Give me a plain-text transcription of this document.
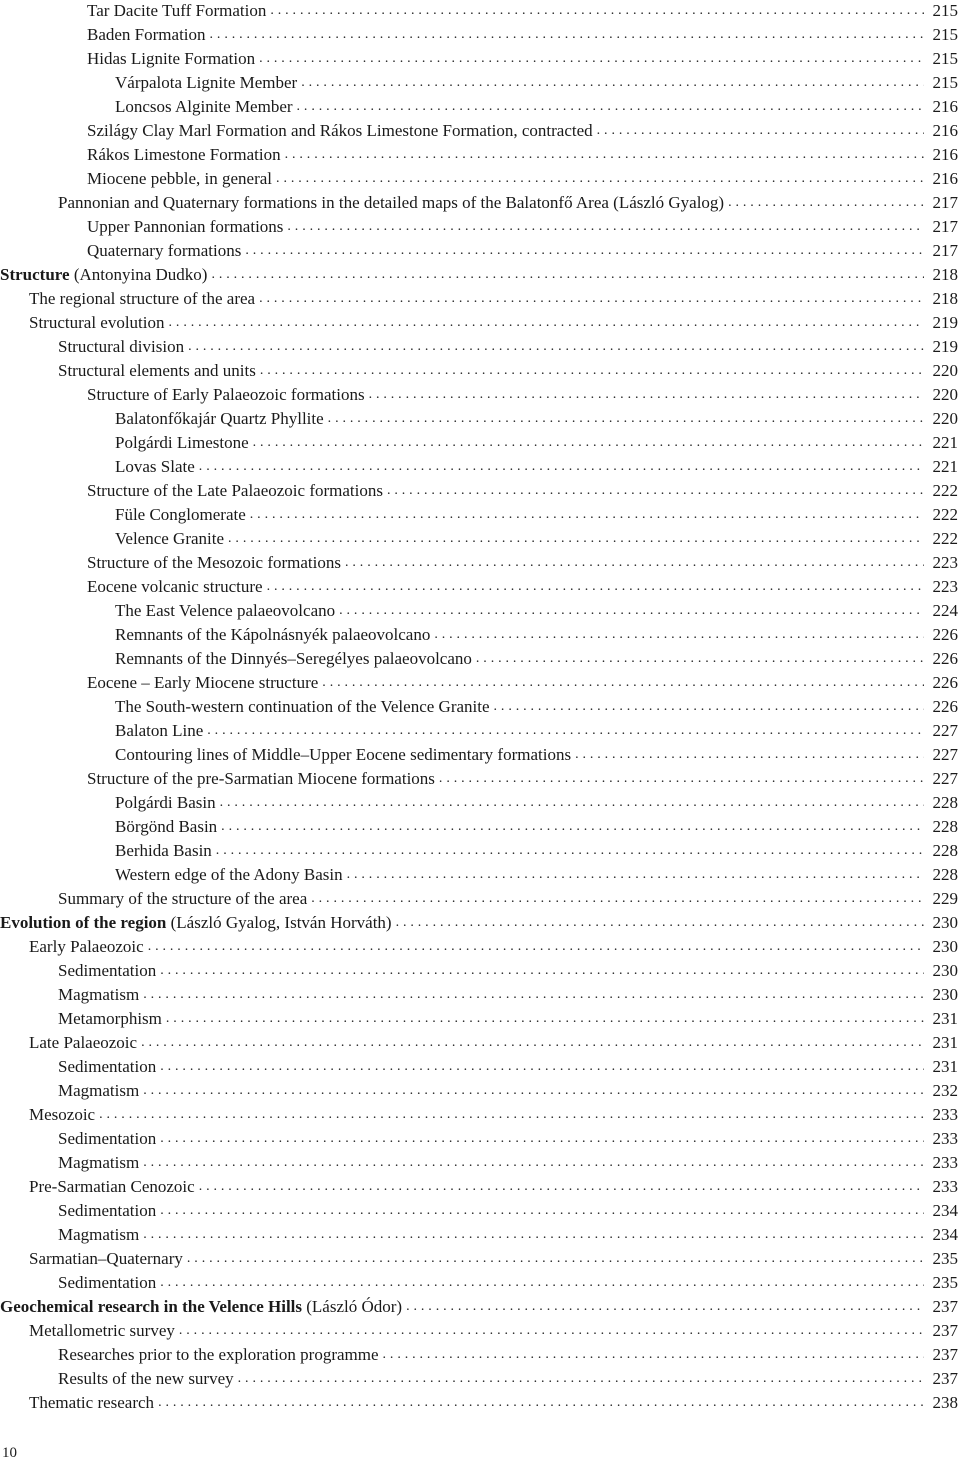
Tar Dacite Tuff Formation . . .	215
Baden Formation . . .	215
Hidas Lignite Formation . . .	215
Várpalota Lignite Member . . .	215
Loncsos Alginite Member . . .	216
Szilágy Clay Marl Formation and Rákos Limestone Formation, contracted . . .	216
Rákos Limestone Formation . . .	216
Miocene pebble, in general . . .	216
Pannonian and Quaternary formations in the detailed maps of the Balatonfő Area (László Gyalog) . . .	217
Upper Pannonian formations . . .	217
Quaternary formations . . .	217
Structure (Antonyina Dudko) . . .	218
The regional structure of the area . . .	218
Structural evolution . . .	219
Structural division . . .	219
Structural elements and units . . .	220
Structure of Early Palaeozoic formations . . .	220
Balatonfőkajár Quartz Phyllite . . .	220
Polgárdi Limestone . . .	221
Lovas Slate . . .	221
Structure of the Late Palaeozoic formations . . .	222
Füle Conglomerate . . .	222
Velence Granite . . .	222
Structure of the Mesozoic formations . . .	223
Eocene volcanic structure . . .	223
The East Velence palaeovolcano . . .	224
Remnants of the Kápolnásnyék palaeovolcano . . .	226
Remnants of the Dinnyés–Seregélyes palaeovolcano . . .	226
Eocene – Early Miocene structure . . .	226
The South-western continuation of the Velence Granite . . .	226
Balaton Line . . .	227
Contouring lines of Middle–Upper Eocene sedimentary formations . . .	227
Structure of the pre-Sarmatian Miocene formations . . .	227
Polgárdi Basin . . .	228
Börgönd Basin . . .	228
Berhida Basin . . .	228
Western edge of the Adony Basin . . .	228
Summary of the structure of the area . . .	229
Evolution of the region (László Gyalog, István Horváth) . . .	230
Early Palaeozoic . . .	230
Sedimentation . . .	230
Magmatism . . .	230
Metamorphism . . .	231
Late Palaeozoic . . .	231
Sedimentation . . .	231
Magmatism . . .	232
Mesozoic . . .	233
Sedimentation . . .	233
Magmatism . . .	233
Pre-Sarmatian Cenozoic . . .	233
Sedimentation . . .	234
Magmatism . . .	234
Sarmatian–Quaternary . . .	235
Sedimentation . . .	235
Geochemical research in the Velence Hills (László Ódor) . . .	237
Metallometric survey . . .	237
Researches prior to the exploration programme . . .	237
Results of the new survey . . .	237
Thematic research . . .	238
10
